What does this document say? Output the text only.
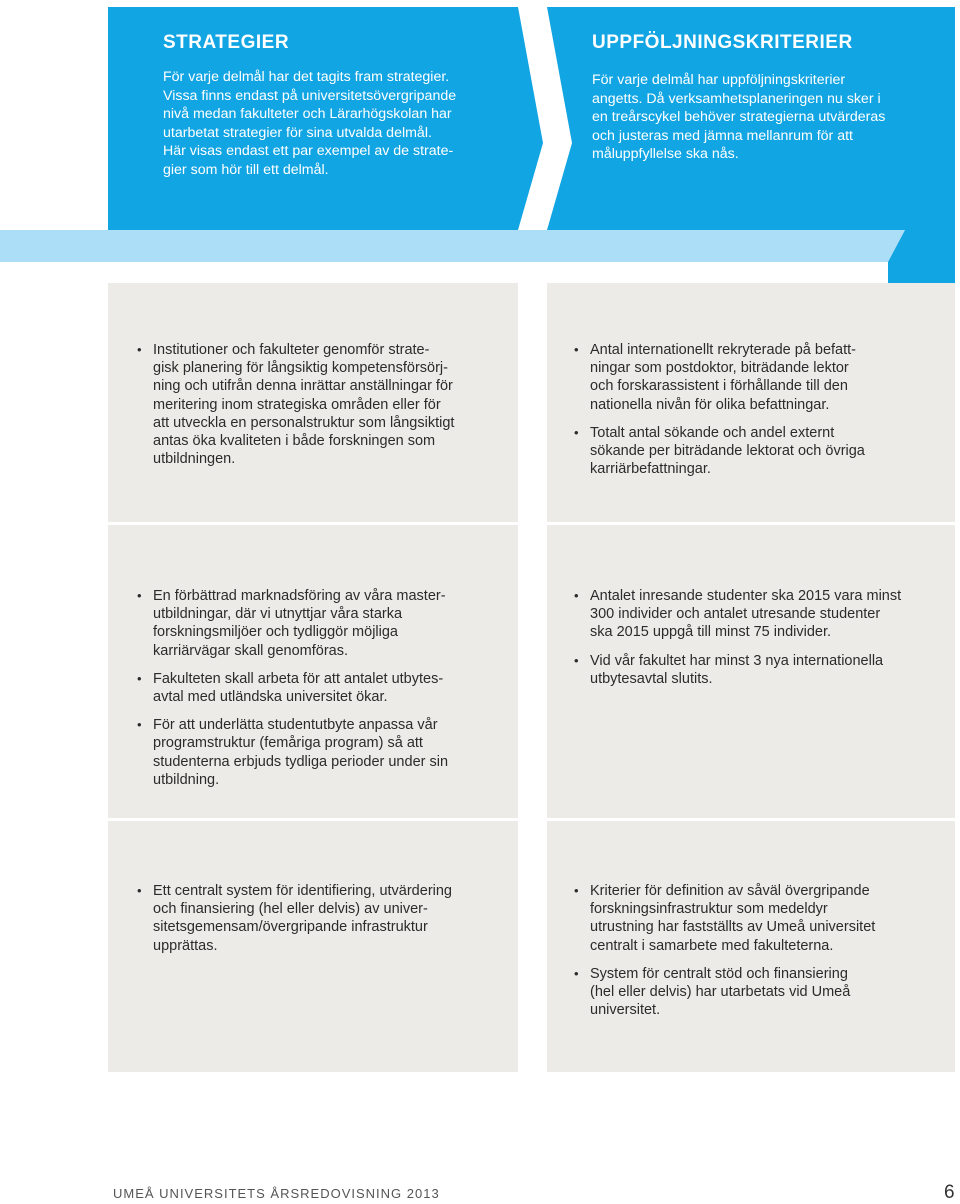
STRATEGIER
För varje delmål har det tagits fram strategier.
Vissa finns endast på universitetsövergripande
nivå medan fakulteter och Lärarhögskolan har
utarbetat strategier för sina utvalda delmål.
Här visas endast ett par exempel av de strate-
gier som hör till ett delmål.
UPPFÖLJNINGSKRITERIER
För varje delmål har uppföljningskriterier
angetts. Då verksamhetsplaneringen nu sker i
en treårscykel behöver strategierna utvärderas
och justeras med jämna mellanrum för att
måluppfyllelse ska nås.
• Institutioner och fakulteter genomför strate-
gisk planering för långsiktig kompetensförsörj-
ning och utifrån denna inrättar anställningar för
meritering inom strategiska områden eller för
att utveckla en personalstruktur som långsiktigt
antas öka kvaliteten i både forskningen som
utbildningen.
• Antal internationellt rekryterade på befatt-
ningar som postdoktor, biträdande lektor
och forskarassistent i förhållande till den
nationella nivån för olika befattningar.
• Totalt antal sökande och andel externt
sökande per biträdande lektorat och övriga
karriärbefattningar.
• En förbättrad marknadsföring av våra master-
utbildningar, där vi utnyttjar våra starka
forskningsmiljöer och tydliggör möjliga
karriärvägar skall genomföras.
• Fakulteten skall arbeta för att antalet utbytes-
avtal med utländska universitet ökar.
• För att underlätta studentutbyte anpassa vår
programstruktur (femåriga program) så att
studenterna erbjuds tydliga perioder under sin
utbildning.
• Antalet inresande studenter ska 2015 vara minst
300 individer och antalet utresande studenter
ska 2015 uppgå till minst 75 individer.
• Vid vår fakultet har minst 3 nya internationella
utbytesavtal slutits.
• Ett centralt system för identifiering, utvärdering
och finansiering (hel eller delvis) av univer-
sitetsgemensam/övergripande infrastruktur
upprättas.
• Kriterier för definition av såväl övergripande
forskningsinfrastruktur som medeldyr
utrustning har fastställts av Umeå universitet
centralt i samarbete med fakulteterna.
• System för centralt stöd och finansiering
(hel eller delvis) har utarbetats vid Umeå
universitet.

UMEÅ UNIVERSITETS ÅRSREDOVISNING 2013	6
